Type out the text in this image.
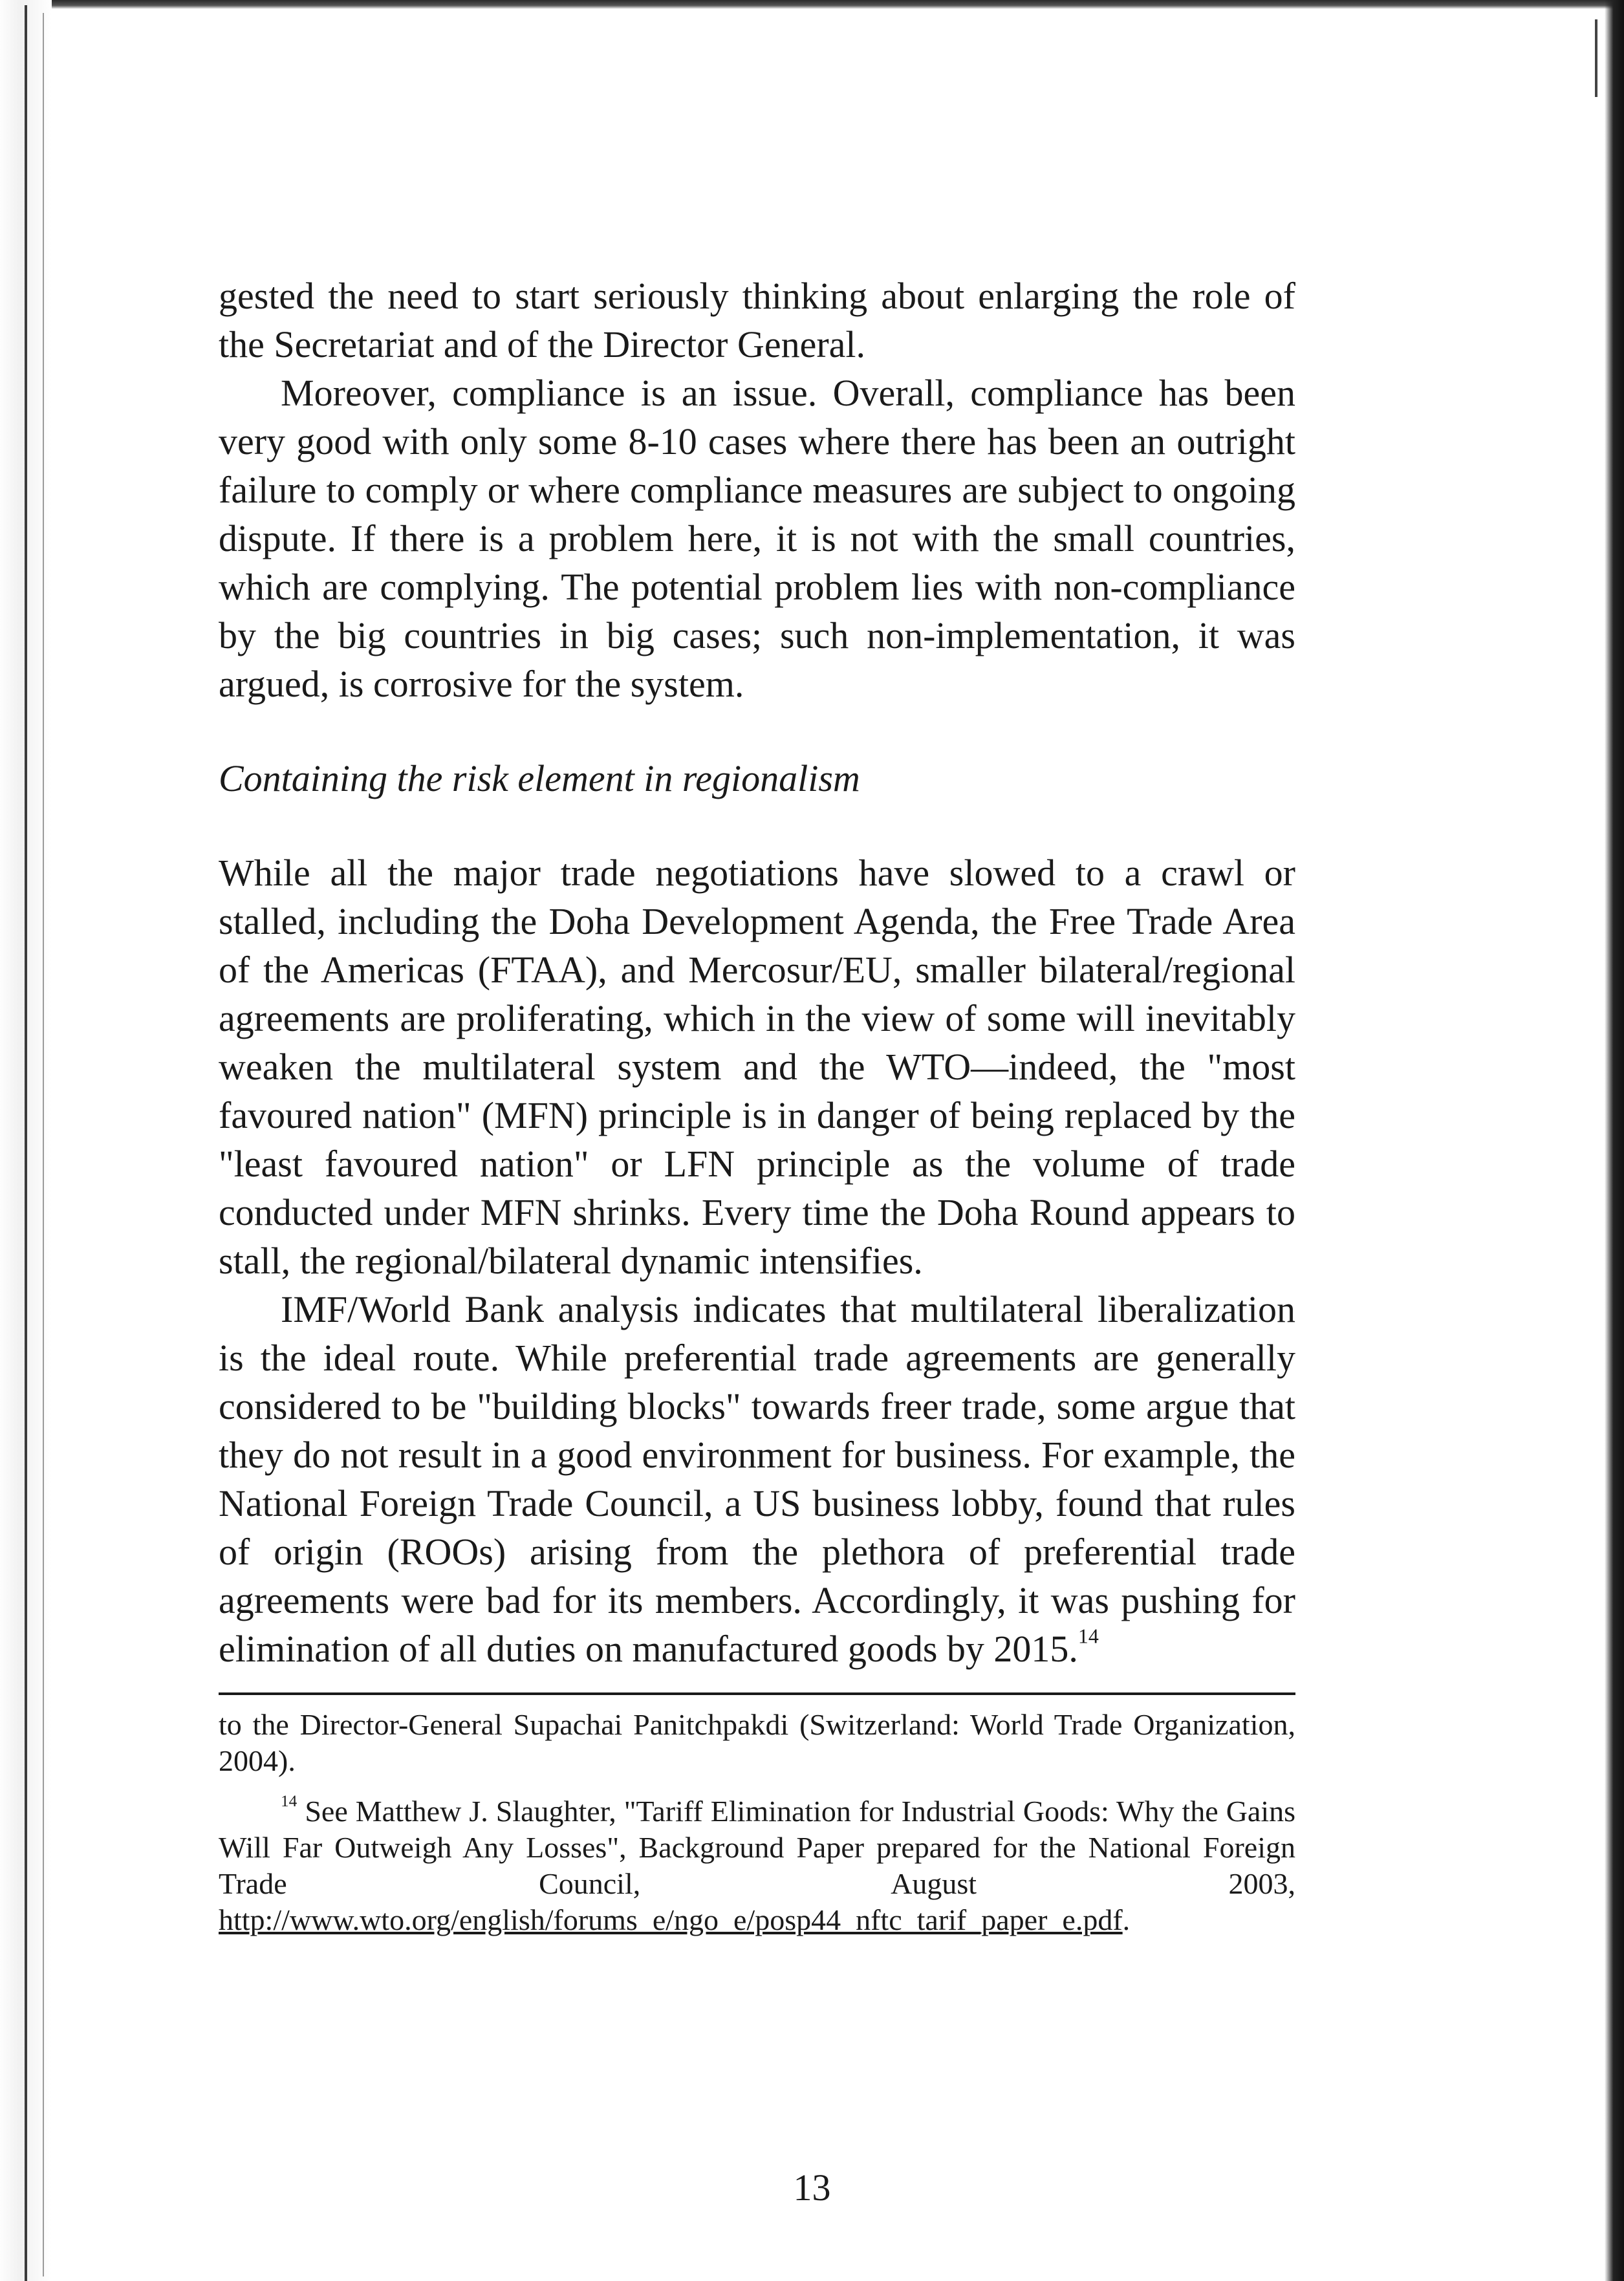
gested the need to start seriously thinking about enlarging the role of the Secretariat and of the Director General.

Moreover, compliance is an issue. Overall, compliance has been very good with only some 8-10 cases where there has been an outright failure to comply or where compliance measures are subject to ongoing dispute. If there is a problem here, it is not with the small countries, which are complying. The potential problem lies with non-compliance by the big countries in big cases; such non-implementation, it was argued, is corrosive for the system.

Containing the risk element in regionalism

While all the major trade negotiations have slowed to a crawl or stalled, including the Doha Development Agenda, the Free Trade Area of the Americas (FTAA), and Mercosur/EU, smaller bilateral/regional agreements are proliferating, which in the view of some will inevitably weaken the multilateral system and the WTO—indeed, the "most favoured nation" (MFN) principle is in danger of being replaced by the "least favoured nation" or LFN principle as the volume of trade conducted under MFN shrinks. Every time the Doha Round appears to stall, the regional/bilateral dynamic intensifies.

IMF/World Bank analysis indicates that multilateral liberalization is the ideal route. While preferential trade agreements are generally considered to be "building blocks" towards freer trade, some argue that they do not result in a good environment for business. For example, the National Foreign Trade Council, a US business lobby, found that rules of origin (ROOs) arising from the plethora of preferential trade agreements were bad for its members. Accordingly, it was pushing for elimination of all duties on manufactured goods by 2015.14

to the Director-General Supachai Panitchpakdi (Switzerland: World Trade Organization, 2004).

$^{14}$ See Matthew J. Slaughter, "Tariff Elimination for Industrial Goods: Why the Gains Will Far Outweigh Any Losses", Background Paper prepared for the National Foreign Trade Council, August 2003, http://www.wto.org/english/forums_e/ngo_e/posp44_nftc_tarif_paper_e.pdf.

13
